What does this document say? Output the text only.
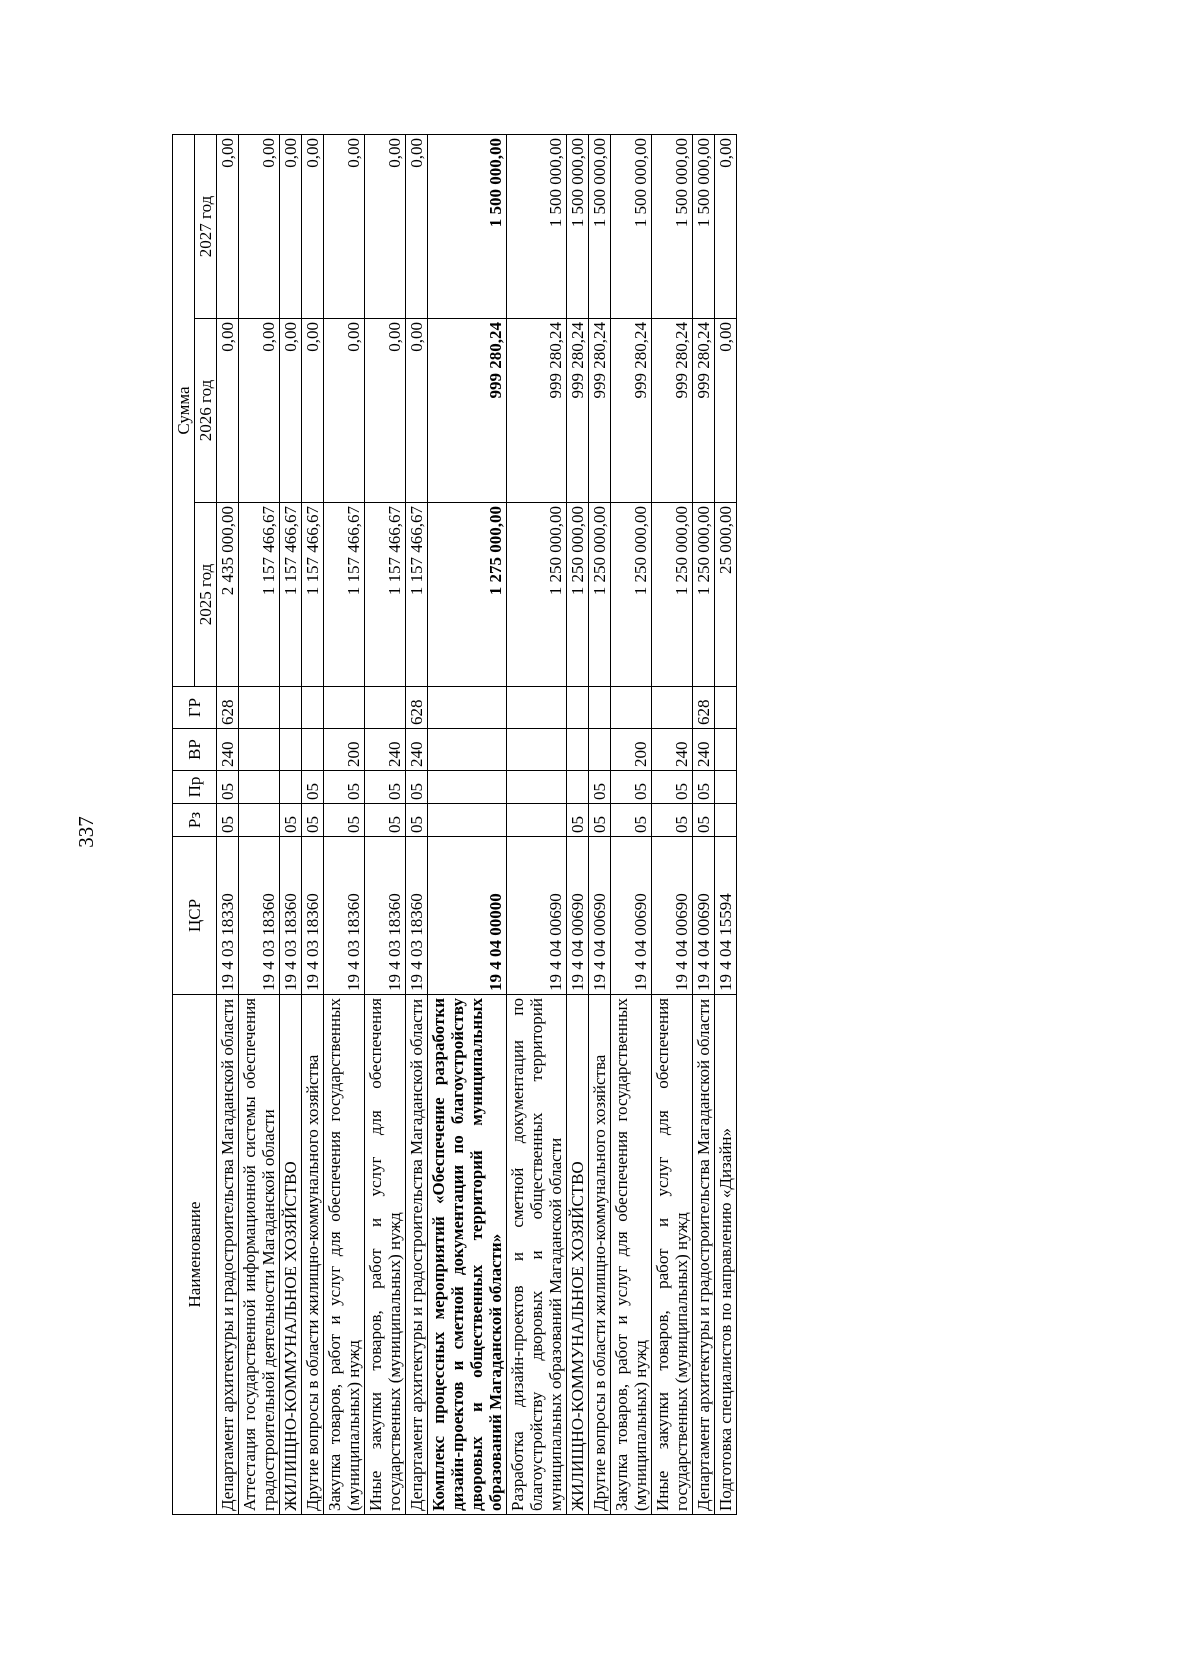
337
Наименование	ЦСР	Рз	Пр	ВР	ГР	Сумма		
						2025 год	2026 год	2027 год
Департамент архитектуры и градостроительства Магаданской области	19 4 03 18330	05	05	240	628	2 435 000,00	0,00	0,00
Аттестация государственной информационной системы обеспечения градостроительной деятельности Магаданской области	19 4 03 18360					1 157 466,67	0,00	0,00
ЖИЛИЩНО-КОММУНАЛЬНОЕ ХОЗЯЙСТВО	19 4 03 18360	05				1 157 466,67	0,00	0,00
Другие вопросы в области жилищно-коммунального хозяйства	19 4 03 18360	05	05			1 157 466,67	0,00	0,00
Закупка товаров, работ и услуг для обеспечения государственных (муниципальных) нужд	19 4 03 18360	05	05	200		1 157 466,67	0,00	0,00
Иные закупки товаров, работ и услуг для обеспечения государственных (муниципальных) нужд	19 4 03 18360	05	05	240		1 157 466,67	0,00	0,00
Департамент архитектуры и градостроительства Магаданской области	19 4 03 18360	05	05	240	628	1 157 466,67	0,00	0,00
Комплекс процессных мероприятий «Обеспечение разработки дизайн-проектов и сметной документации по благоустройству дворовых и общественных территорий муниципальных образований Магаданской области»	19 4 04 00000					1 275 000,00	999 280,24	1 500 000,00
Разработка дизайн-проектов и сметной документации по благоустройству дворовых и общественных территорий муниципальных образований Магаданской области	19 4 04 00690					1 250 000,00	999 280,24	1 500 000,00
ЖИЛИЩНО-КОММУНАЛЬНОЕ ХОЗЯЙСТВО	19 4 04 00690	05				1 250 000,00	999 280,24	1 500 000,00
Другие вопросы в области жилищно-коммунального хозяйства	19 4 04 00690	05	05			1 250 000,00	999 280,24	1 500 000,00
Закупка товаров, работ и услуг для обеспечения государственных (муниципальных) нужд	19 4 04 00690	05	05	200		1 250 000,00	999 280,24	1 500 000,00
Иные закупки товаров, работ и услуг для обеспечения государственных (муниципальных) нужд	19 4 04 00690	05	05	240		1 250 000,00	999 280,24	1 500 000,00
Департамент архитектуры и градостроительства Магаданской области	19 4 04 00690	05	05	240	628	1 250 000,00	999 280,24	1 500 000,00
Подготовка специалистов по направлению «Дизайн»	19 4 04 15594					25 000,00	0,00	0,00
